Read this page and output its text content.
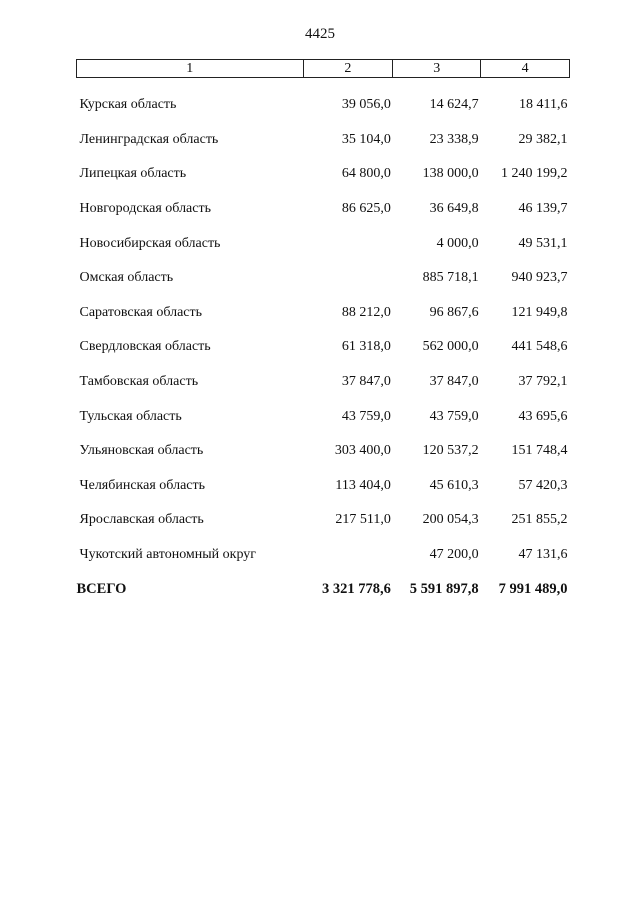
4425
1	2	3	4
Курская область	39 056,0	14 624,7	18 411,6
Ленинградская область	35 104,0	23 338,9	29 382,1
Липецкая область	64 800,0	138 000,0	1 240 199,2
Новгородская область	86 625,0	36 649,8	46 139,7
Новосибирская область		4 000,0	49 531,1
Омская область		885 718,1	940 923,7
Саратовская область	88 212,0	96 867,6	121 949,8
Свердловская область	61 318,0	562 000,0	441 548,6
Тамбовская область	37 847,0	37 847,0	37 792,1
Тульская область	43 759,0	43 759,0	43 695,6
Ульяновская область	303 400,0	120 537,2	151 748,4
Челябинская область	113 404,0	45 610,3	57 420,3
Ярославская область	217 511,0	200 054,3	251 855,2
Чукотский автономный округ		47 200,0	47 131,6
ВСЕГО	3 321 778,6	5 591 897,8	7 991 489,0
